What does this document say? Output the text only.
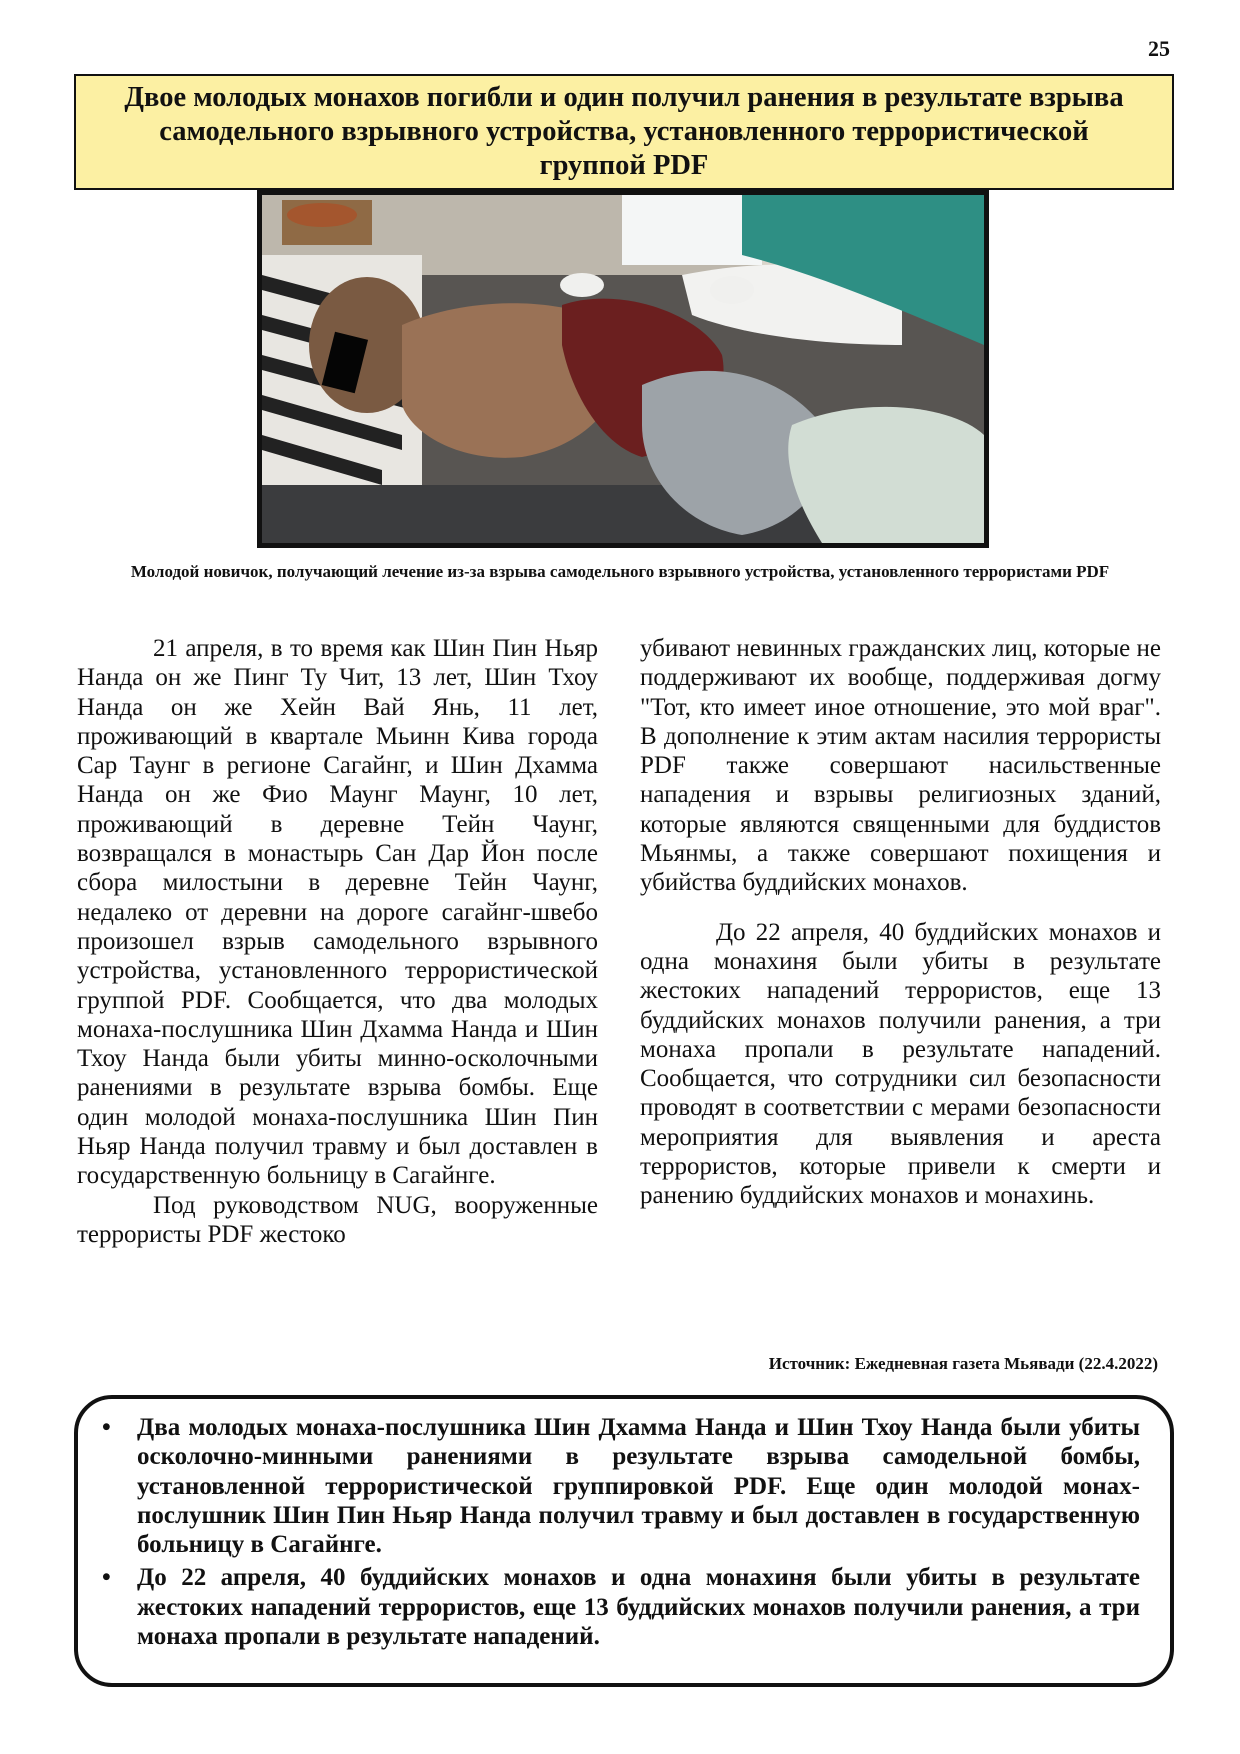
25
Двое молодых монахов погибли и один получил ранения в результате взрыва самодельного взрывного устройства, установленного террористической группой PDF
Молодой новичок, получающий лечение из-за взрыва самодельного взрывного устройства, установленного террористами PDF

21 апреля, в то время как Шин Пин Ньяр Нанда он же Пинг Ту Чит, 13 лет, Шин Тхоу Нанда он же Хейн Вай Янь, 11 лет, проживающий в квартале Мьинн Кива города Сар Таунг в регионе Сагайнг, и Шин Дхамма Нанда он же Фио Маунг Маунг, 10 лет, проживающий в деревне Тейн Чаунг, возвращался в монастырь Сан Дар Йон после сбора милостыни в деревне Тейн Чаунг, недалеко от деревни на дороге сагайнг-швебо произошел взрыв самодельного взрывного устройства, установленного террористической группой PDF. Сообщается, что два молодых монаха-послушника Шин Дхамма Нанда и Шин Тхоу Нанда были убиты минно-осколочными ранениями в результате взрыва бомбы. Еще один молодой монаха-послушника Шин Пин Ньяр Нанда получил травму и был доставлен в государственную больницу в Сагайнге.

Под руководством NUG, вооруженные террористы PDF жестоко

убивают невинных гражданских лиц, которые не поддерживают их вообще, поддерживая догму "Тот, кто имеет иное отношение, это мой враг". В дополнение к этим актам насилия террористы PDF также совершают насильственные нападения и взрывы религиозных зданий, которые являются священными для буддистов Мьянмы, а также совершают похищения и убийства буддийских монахов.

До 22 апреля, 40 буддийских монахов и одна монахиня были убиты в результате жестоких нападений террористов, еще 13 буддийских монахов получили ранения, а три монаха пропали в результате нападений. Сообщается, что сотрудники сил безопасности проводят в соответствии с мерами безопасности мероприятия для выявления и ареста террористов, которые привели к смерти и ранению буддийских монахов и монахинь.

Источник: Ежедневная газета Мьявади (22.4.2022)
• Два молодых монаха-послушника Шин Дхамма Нанда и Шин Тхоу Нанда были убиты осколочно-минными ранениями в результате взрыва самодельной бомбы, установленной террористической группировкой PDF. Еще один молодой монах-послушник Шин Пин Ньяр Нанда получил травму и был доставлен в государственную больницу в Сагайнге.
• До 22 апреля, 40 буддийских монахов и одна монахиня были убиты в результате жестоких нападений террористов, еще 13 буддийских монахов получили ранения, а три монаха пропали в результате нападений.
